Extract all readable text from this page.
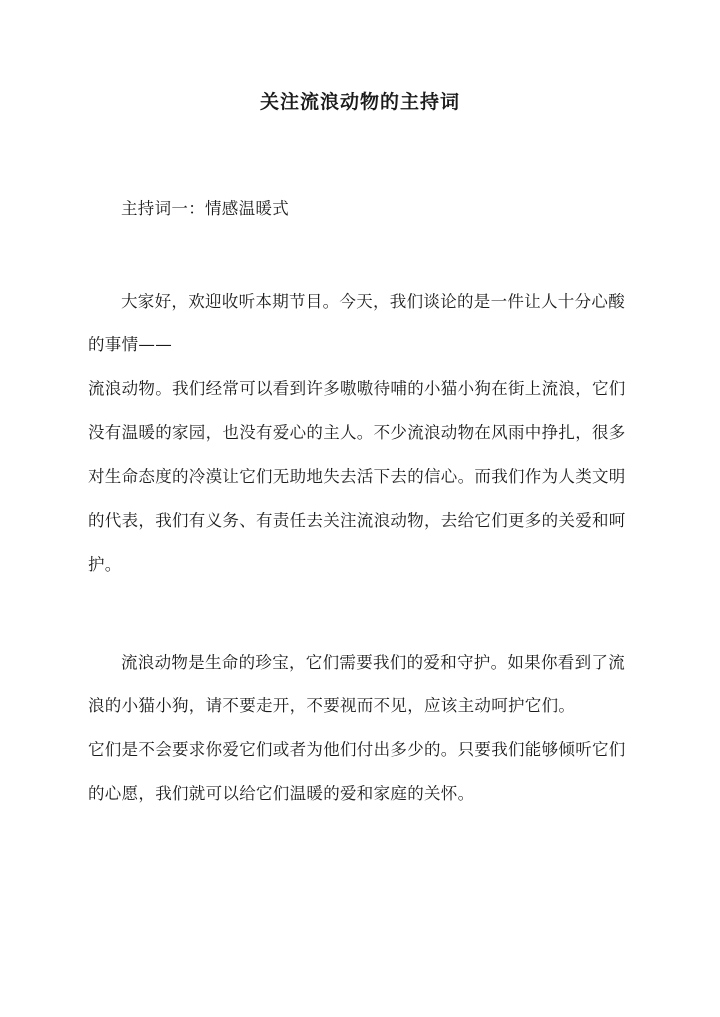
关注流浪动物的主持词

主持词一：情感温暖式

大家好，欢迎收听本期节目。今天，我们谈论的是一件让人十分心酸

的事情——

流浪动物。我们经常可以看到许多嗷嗷待哺的小猫小狗在街上流浪，它们

没有温暖的家园，也没有爱心的主人。不少流浪动物在风雨中挣扎，很多

对生命态度的冷漠让它们无助地失去活下去的信心。而我们作为人类文明

的代表，我们有义务、有责任去关注流浪动物，去给它们更多的关爱和呵

护。

流浪动物是生命的珍宝，它们需要我们的爱和守护。如果你看到了流

浪的小猫小狗，请不要走开，不要视而不见，应该主动呵护它们。

它们是不会要求你爱它们或者为他们付出多少的。只要我们能够倾听它们

的心愿，我们就可以给它们温暖的爱和家庭的关怀。
